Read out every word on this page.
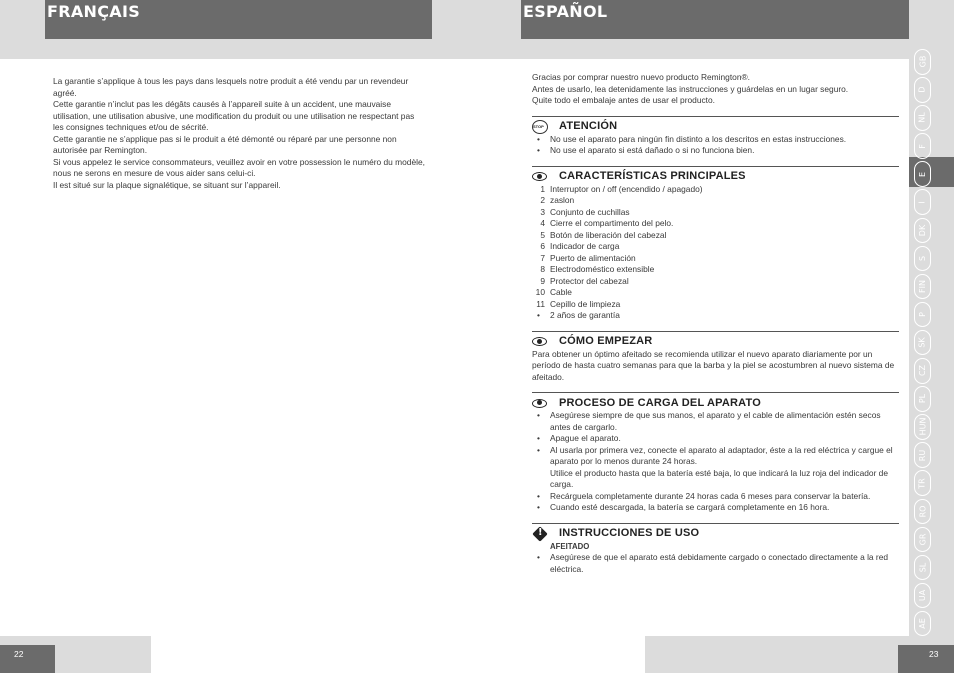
FRANÇAIS	ESPAÑOL

La garantie s’applique à tous les pays dans lesquels notre produit a été vendu par un revendeur agréé.

Cette garantie n’inclut pas les dégâts causés à l’appareil suite à un accident, une mauvaise utilisation, une utilisation abusive, une modification du produit ou une utilisation ne respectant pas les consignes techniques et/ou de sécrité.

Cette garantie ne s’applique pas si le produit a été démonté ou réparé par une personne non autorisée par Remington.

Si vous appelez le service consommateurs, veuillez avoir en votre possession le numéro du modèle, nous ne serons en mesure de vous aider sans celui-ci.

Il est situé sur la plaque signalétique, se situant sur l’appareil.

Gracias por comprar nuestro nuevo producto Remington®.

Antes de usarlo, lea detenidamente las instrucciones y guárdelas en un lugar seguro.

Quite todo el embalaje antes de usar el producto.

STOP	ATENCIÓN
• No use el aparato para ningún fin distinto a los descritos en estas instrucciones.
• No use el aparato si está dañado o si no funciona bien.
CARACTERÍSTICAS PRINCIPALES
1 Interruptor on / off (encendido / apagado)
2 zaslon
3 Conjunto de cuchillas
4 Cierre el compartimento del pelo.
5 Botón de liberación del cabezal
6 Indicador de carga
7 Puerto de alimentación
8 Electrodoméstico extensible
9 Protector del cabezal
10 Cable
11 Cepillo de limpieza
• 2 años de garantía
CÓMO EMPEZAR

Para obtener un óptimo afeitado se recomienda utilizar el nuevo aparato diariamente por un período de hasta cuatro semanas para que la barba y la piel se acostumbren al nuevo sistema de afeitado.

PROCESO DE CARGA DEL APARATO
• Asegúrese siempre de que sus manos, el aparato y el cable de alimentación estén secos antes de cargarlo.
• Apague el aparato.
• Al usarla por primera vez, conecte el aparato al adaptador, éste a la red eléctrica y cargue el aparato por lo menos durante 24 horas.
Utilice el producto hasta que la batería esté baja, lo que indicará la luz roja del indicador de carga.
• Recárguela completamente durante 24 horas cada 6 meses para conservar la batería.
• Cuando esté descargada, la batería se cargará completamente en 16 hora.
! INSTRUCCIONES DE USO
AFEITADO
• Asegúrese de que el aparato está debidamente cargado o conectado directamente a la red eléctrica.
GB
D
NL
F
E
I
DK
S
FIN
P
SK
CZ
PL
HUN
RU
TR
RO
GR
SL
UA
AE
22	23
